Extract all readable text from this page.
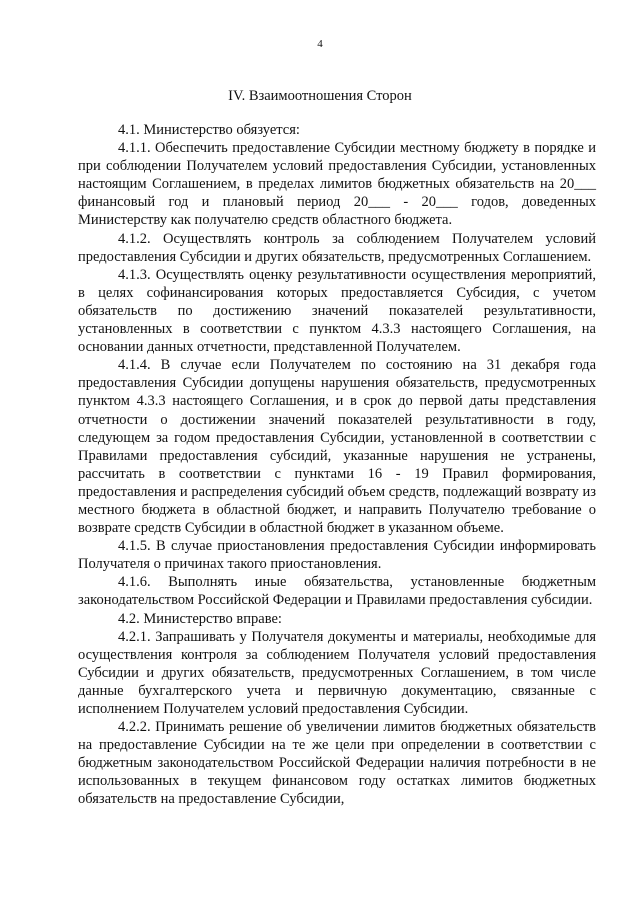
4
IV. Взаимоотношения Сторон

4.1. Министерство обязуется:

4.1.1. Обеспечить предоставление Субсидии местному бюджету в порядке и при соблюдении Получателем условий предоставления Субсидии, установленных настоящим Соглашением, в пределах лимитов бюджетных обязательств на 20___ финансовый год и плановый период 20___ - 20___ годов, доведенных Министерству как получателю средств областного бюджета.

4.1.2. Осуществлять контроль за соблюдением Получателем условий предоставления Субсидии и других обязательств, предусмотренных Соглашением.

4.1.3. Осуществлять оценку результативности осуществления мероприятий, в целях софинансирования которых предоставляется Субсидия, с учетом обязательств по достижению значений показателей результативности, установленных в соответствии с пунктом 4.3.3 настоящего Соглашения, на основании данных отчетности, представленной Получателем.

4.1.4. В случае если Получателем по состоянию на 31 декабря года предоставления Субсидии допущены нарушения обязательств, предусмотренных пунктом 4.3.3 настоящего Соглашения, и в срок до первой даты представления отчетности о достижении значений показателей результативности в году, следующем за годом предоставления Субсидии, установленной в соответствии с Правилами предоставления субсидий, указанные нарушения не устранены, рассчитать в соответствии с пунктами 16 - 19 Правил формирования, предоставления и распределения субсидий объем средств, подлежащий возврату из местного бюджета в областной бюджет, и направить Получателю требование о возврате средств Субсидии в областной бюджет в указанном объеме.

4.1.5. В случае приостановления предоставления Субсидии информировать Получателя о причинах такого приостановления.

4.1.6. Выполнять иные обязательства, установленные бюджетным законодательством Российской Федерации и Правилами предоставления субсидии.

4.2. Министерство вправе:

4.2.1. Запрашивать у Получателя документы и материалы, необходимые для осуществления контроля за соблюдением Получателя условий предоставления Субсидии и других обязательств, предусмотренных Соглашением, в том числе данные бухгалтерского учета и первичную документацию, связанные с исполнением Получателем условий предоставления Субсидии.

4.2.2. Принимать решение об увеличении лимитов бюджетных обязательств на предоставление Субсидии на те же цели при определении в соответствии с бюджетным законодательством Российской Федерации наличия потребности в не использованных в текущем финансовом году остатках лимитов бюджетных обязательств на предоставление Субсидии,
